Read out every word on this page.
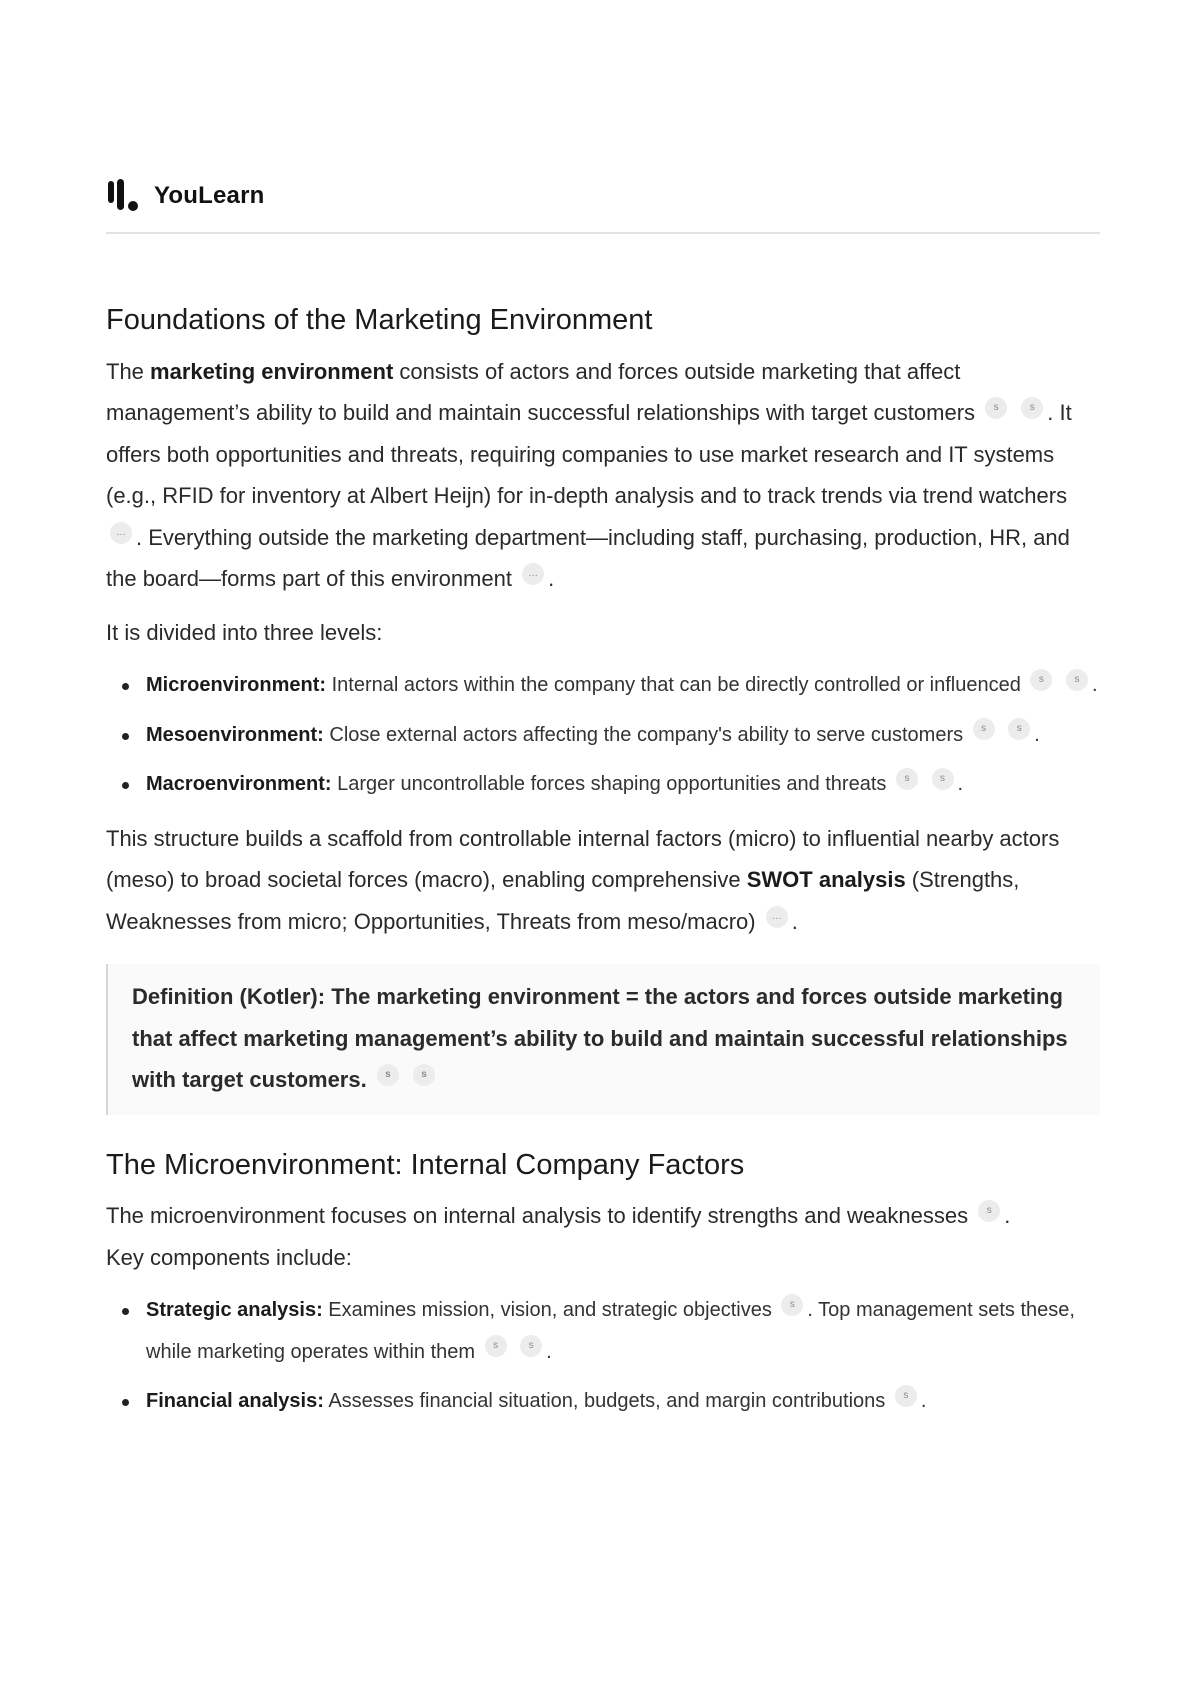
YouLearn
Foundations of the Marketing Environment

The marketing environment consists of actors and forces outside marketing that affect management’s ability to build and maintain successful relationships with target customers s	s . It offers both opportunities and threats, requiring companies to use market research and IT systems (e.g., RFID for inventory at Albert Heijn) for in-depth analysis and to track trends via trend watchers … . Everything outside the marketing department—including staff, purchasing, production, HR, and the board—forms part of this environment … .

It is divided into three levels:

Microenvironment: Internal actors within the company that can be directly controlled or influenced s	s .
Mesoenvironment: Close external actors affecting the company's ability to serve customers s	s .
Macroenvironment: Larger uncontrollable forces shaping opportunities and threats s	s .

This structure builds a scaffold from controllable internal factors (micro) to influential nearby actors (meso) to broad societal forces (macro), enabling comprehensive SWOT analysis (Strengths, Weaknesses from micro; Opportunities, Threats from meso/macro) … .

Definition (Kotler): The marketing environment = the actors and forces outside marketing that affect marketing management’s ability to build and maintain successful relationships with target customers. s	s
The Microenvironment: Internal Company Factors

The microenvironment focuses on internal analysis to identify strengths and weaknesses s .
Key components include:

Strategic analysis: Examines mission, vision, and strategic objectives s . Top management sets these, while marketing operates within them s	s .
Financial analysis: Assesses financial situation, budgets, and margin contributions s .
